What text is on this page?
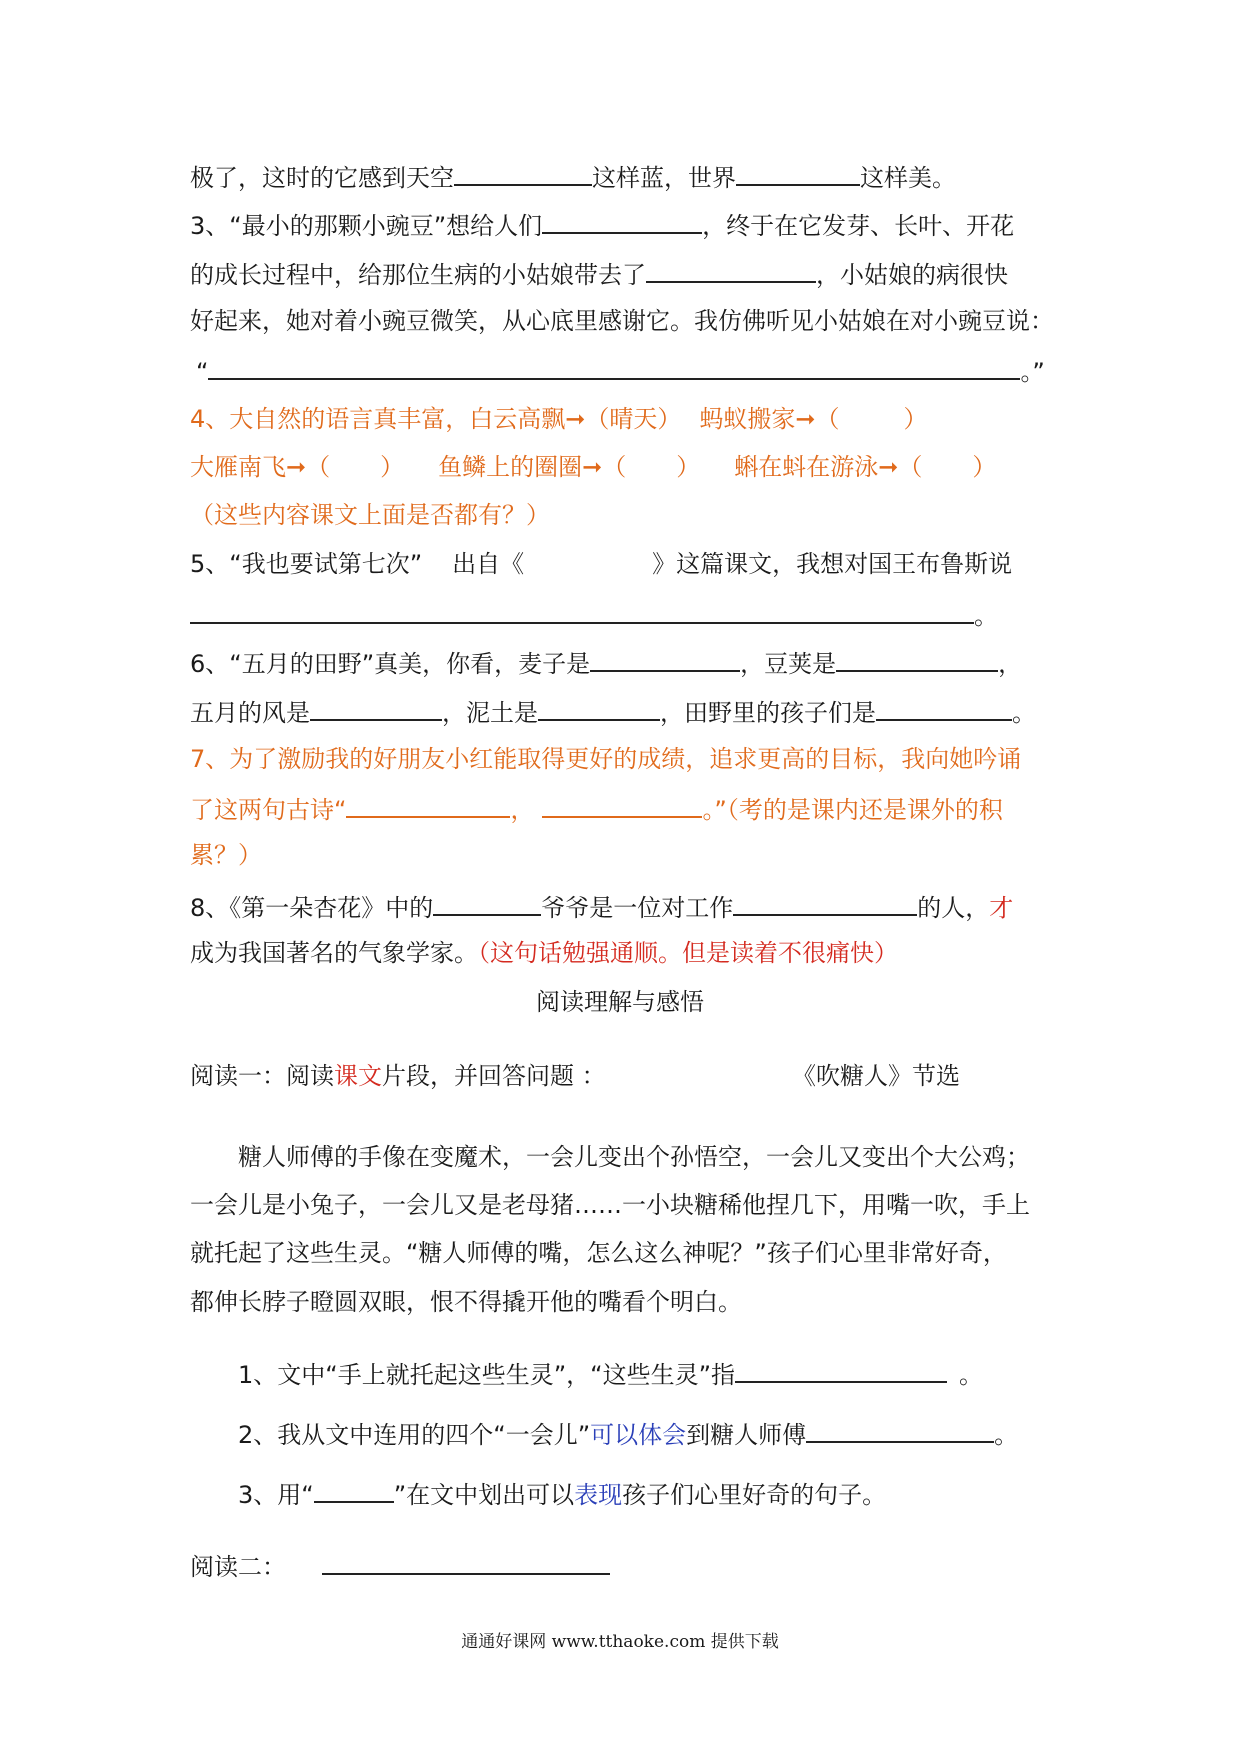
极了，这时的它感到天空	这样蓝，世界	这样美。
3、“最小的那颗小豌豆”想给人们	，终于在它发芽、长叶、开花
的成长过程中，给那位生病的小姑娘带去了	，小姑娘的病很快
好起来，她对着小豌豆微笑，从心底里感谢它。我仿佛听见小姑娘在对小豌豆说：
“	。”
4、大自然的语言真丰富，白云高飘➞（晴天） 蚂蚁搬家➞（	）
大雁南飞➞（ ） 鱼鳞上的圈圈➞（ ） 蝌在蚪在游泳➞（ ）
（这些内容课文上面是否都有？）
5、“我也要试第七次” 出自《	》这篇课文，我想对国王布鲁斯说
。
6、“五月的田野”真美，你看，麦子是	，豆荚是	，
五月的风是	，泥土是	，田野里的孩子们是	。
7、为了激励我的好朋友小红能取得更好的成绩，追求更高的目标，我向她吟诵
了这两句古诗“	，	。”（考的是课内还是课外的积
累？）
8、《第一朵杏花》中的	爷爷是一位对工作	的人，才
成为我国著名的气象学家。（这句话勉强通顺。但是读着不很痛快）
阅读理解与感悟
阅读一：阅读课文片段，并回答问题 ：	《吹糖人》节选
糖人师傅的手像在变魔术，一会儿变出个孙悟空，一会儿又变出个大公鸡；
一会儿是小兔子，一会儿又是老母猪……一小块糖稀他捏几下，用嘴一吹，手上
就托起了这些生灵。“糖人师傅的嘴，怎么这么神呢？”孩子们心里非常好奇，
都伸长脖子瞪圆双眼，恨不得撬开他的嘴看个明白。
1、文中“手上就托起这些生灵”，“这些生灵”指	。
2、我从文中连用的四个“一会儿”可以体会到糖人师傅	。
3、用“	”在文中划出可以表现孩子们心里好奇的句子。
阅读二：
通通好课网 www.tthaoke.com 提供下载
